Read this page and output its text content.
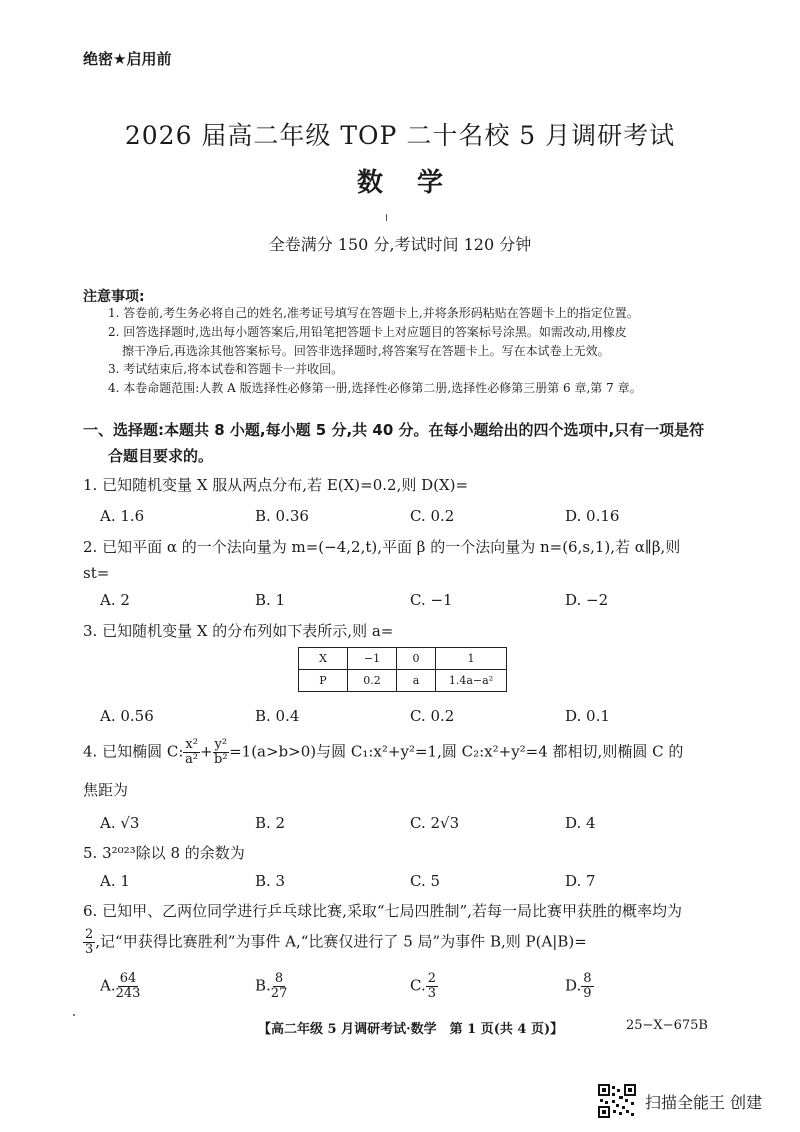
绝密★启用前
2026 届高二年级 TOP 二十名校 5 月调研考试
数学
全卷满分 150 分,考试时间 120 分钟
注意事项:
1. 答卷前,考生务必将自己的姓名,准考证号填写在答题卡上,并将条形码粘贴在答题卡上的指定位置。
2. 回答选择题时,选出每小题答案后,用铅笔把答题卡上对应题目的答案标号涂黑。如需改动,用橡皮
擦干净后,再选涂其他答案标号。回答非选择题时,将答案写在答题卡上。写在本试卷上无效。
3. 考试结束后,将本试卷和答题卡一并收回。
4. 本卷命题范围:人教 A 版选择性必修第一册,选择性必修第二册,选择性必修第三册第 6 章,第 7 章。
一、选择题:本题共 8 小题,每小题 5 分,共 40 分。在每小题给出的四个选项中,只有一项是符
合题目要求的。
1. 已知随机变量 X 服从两点分布,若 E(X)=0.2,则 D(X)=
A. 1.6	B. 0.36	C. 0.2	D. 0.16
2. 已知平面 α 的一个法向量为 m=(−4,2,t),平面 β 的一个法向量为 n=(6,s,1),若 α∥β,则
st=
A. 2	B. 1	C. −1	D. −2
3. 已知随机变量 X 的分布列如下表所示,则 a=
X	−1	0	1
P	0.2	a	1.4a−a²
A. 0.56	B. 0.4	C. 0.2	D. 0.1
4. 已知椭圆 C: $\frac{\text{x²}}{\text{a²}} + \frac{\text{y²}}{\text{b²}} =1(a>b>0)$与圆 C₁:x²+y²=1,圆 C₂:x²+y²=4 都相切,则椭圆 C 的
焦距为
A. √3	B. 2	C. 2√3	D. 4
5. 3²⁰²³除以 8 的余数为
A. 1	B. 3	C. 5	D. 7
6. 已知甲、乙两位同学进行乒乓球比赛,采取“七局四胜制”,若每一局比赛甲获胜的概率均为
$\frac{2}{3}$ ,记“甲获得比赛胜利”为事件 A,“比赛仅进行了 5 局”为事件 B,则 P(A|B)=
A. $\frac{64}{243}$	B. $\frac{8}{27}$	C. $\frac{2}{3}$	D. $\frac{8}{9}$
【高二年级 5 月调研考试·数学　第 1 页(共 4 页)】	25−X−675B
扫描全能王 创建
